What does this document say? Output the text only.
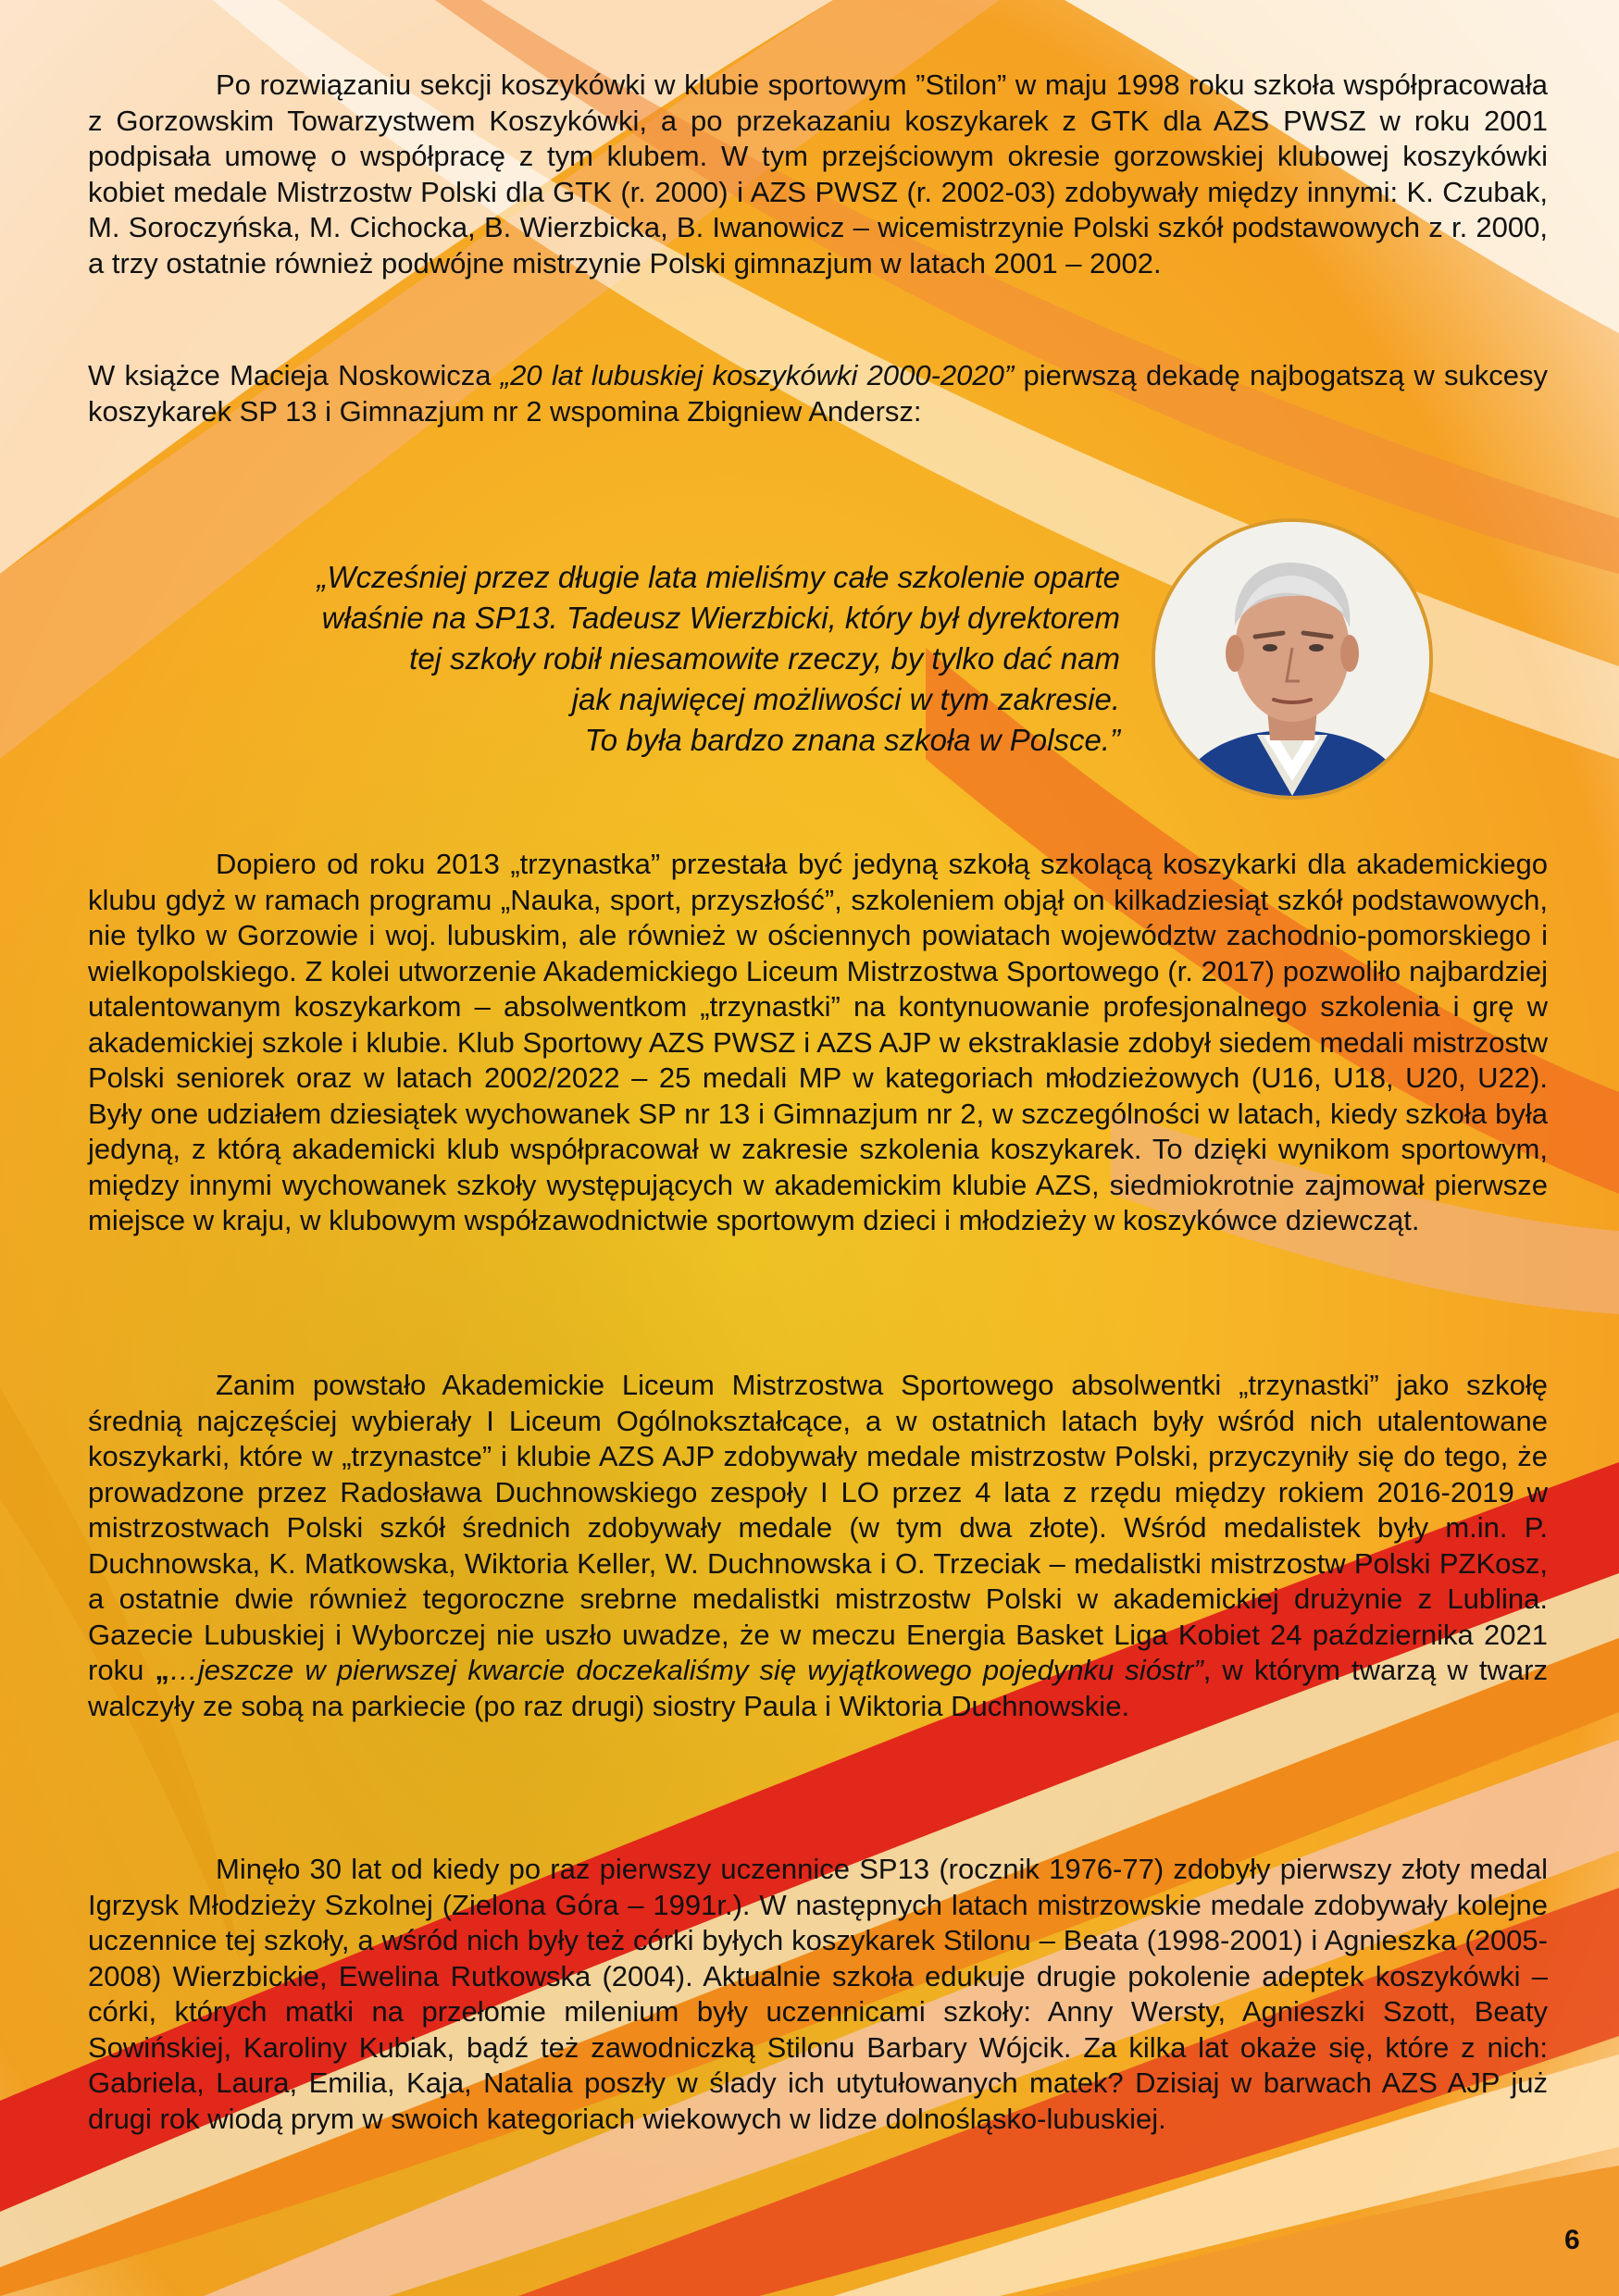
Po rozwiązaniu sekcji koszykówki w klubie sportowym ”Stilon” w maju 1998 roku szkoła współpracowała z Gorzowskim Towarzystwem Koszykówki, a po przekazaniu koszykarek z GTK dla AZS PWSZ w roku 2001 podpisała umowę o współpracę z tym klubem. W tym przejściowym okresie gorzowskiej klubowej koszykówki kobiet medale Mistrzostw Polski dla GTK (r. 2000) i AZS PWSZ (r. 2002-03) zdobywały między innymi: K. Czubak, M. Soroczyńska, M. Cichocka, B. Wierzbicka, B. Iwanowicz – wicemistrzynie Polski szkół podstawowych z r. 2000, a trzy ostatnie również podwójne mistrzynie Polski gimnazjum w latach 2001 – 2002.

W książce Macieja Noskowicza „20 lat lubuskiej koszykówki 2000-2020” pierwszą dekadę najbogatszą w sukcesy koszykarek SP 13 i Gimnazjum nr 2 wspomina Zbigniew Andersz:

„Wcześniej przez długie lata mieliśmy całe szkolenie oparte
właśnie na SP13. Tadeusz Wierzbicki, który był dyrektorem
tej szkoły robił niesamowite rzeczy, by tylko dać nam
jak najwięcej możliwości w tym zakresie.
To była bardzo znana szkoła w Polsce.”

Dopiero od roku 2013 „trzynastka” przestała być jedyną szkołą szkolącą koszykarki dla akademickiego klubu gdyż w ramach programu „Nauka, sport, przyszłość”, szkoleniem objął on kilkadziesiąt szkół podstawowych, nie tylko w Gorzowie i woj. lubuskim, ale również w ościennych powiatach województw zachodnio-pomorskiego i wielkopolskiego. Z kolei utworzenie Akademickiego Liceum Mistrzostwa Sportowego (r. 2017) pozwoliło najbardziej utalentowanym koszykarkom – absolwentkom „trzynastki” na kontynuowanie profesjonalnego szkolenia i grę w akademickiej szkole i klubie. Klub Sportowy AZS PWSZ i AZS AJP w ekstraklasie zdobył siedem medali mistrzostw Polski seniorek oraz w latach 2002/2022 – 25 medali MP w kategoriach młodzieżowych (U16, U18, U20, U22). Były one udziałem dziesiątek wychowanek SP nr 13 i Gimnazjum nr 2, w szczególności w latach, kiedy szkoła była jedyną, z którą akademicki klub współpracował w zakresie szkolenia koszykarek. To dzięki wynikom sportowym, między innymi wychowanek szkoły występujących w akademickim klubie AZS, siedmiokrotnie zajmował pierwsze miejsce w kraju, w klubowym współzawodnictwie sportowym dzieci i młodzieży w koszykówce dziewcząt.

Zanim powstało Akademickie Liceum Mistrzostwa Sportowego absolwentki „trzynastki” jako szkołę średnią najczęściej wybierały I Liceum Ogólnokształcące, a w ostatnich latach były wśród nich utalentowane koszykarki, które w „trzynastce” i klubie AZS AJP zdobywały medale mistrzostw Polski, przyczyniły się do tego, że prowadzone przez Radosława Duchnowskiego zespoły I LO przez 4 lata z rzędu między rokiem 2016-2019 w mistrzostwach Polski szkół średnich zdobywały medale (w tym dwa złote). Wśród medalistek były m.in. P. Duchnowska, K. Matkowska, Wiktoria Keller, W. Duchnowska i O. Trzeciak – medalistki mistrzostw Polski PZKosz, a ostatnie dwie również tegoroczne srebrne medalistki mistrzostw Polski w akademickiej drużynie z Lublina. Gazecie Lubuskiej i Wyborczej nie uszło uwadze, że w meczu Energia Basket Liga Kobiet 24 października 2021 roku „…jeszcze w pierwszej kwarcie doczekaliśmy się wyjątkowego pojedynku sióstr”, w którym twarzą w twarz walczyły ze sobą na parkiecie (po raz drugi) siostry Paula i Wiktoria Duchnowskie.

Minęło 30 lat od kiedy po raz pierwszy uczennice SP13 (rocznik 1976-77) zdobyły pierwszy złoty medal Igrzysk Młodzieży Szkolnej (Zielona Góra – 1991r.). W następnych latach mistrzowskie medale zdobywały kolejne uczennice tej szkoły, a wśród nich były też córki byłych koszykarek Stilonu – Beata (1998-2001) i Agnieszka (2005-2008) Wierzbickie, Ewelina Rutkowska (2004). Aktualnie szkoła edukuje drugie pokolenie adeptek koszykówki – córki, których matki na przełomie milenium były uczennicami szkoły: Anny Wersty, Agnieszki Szott, Beaty Sowińskiej, Karoliny Kubiak, bądź też zawodniczką Stilonu Barbary Wójcik. Za kilka lat okaże się, które z nich: Gabriela, Laura, Emilia, Kaja, Natalia poszły w ślady ich utytułowanych matek? Dzisiaj w barwach AZS AJP już drugi rok wiodą prym w swoich kategoriach wiekowych w lidze dolnośląsko-lubuskiej.

6
